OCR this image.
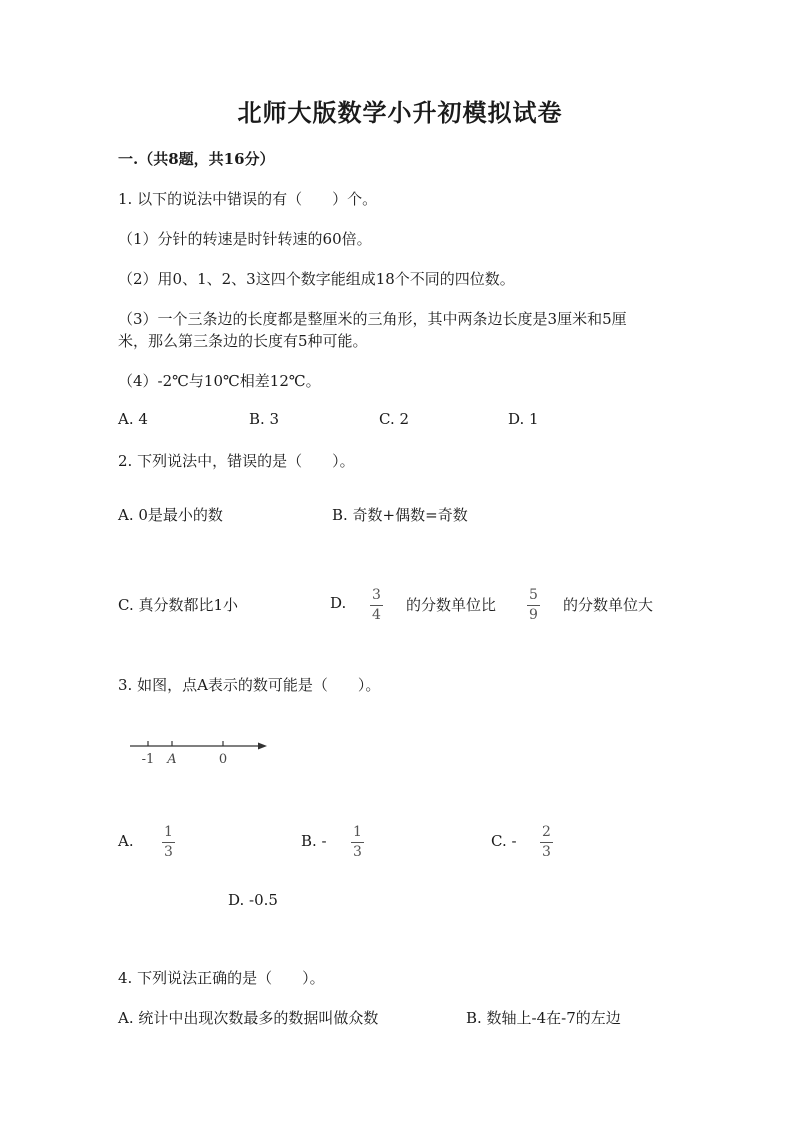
北师大版数学小升初模拟试卷
一.（共8题，共16分）
1. 以下的说法中错误的有（　　）个。
（1）分针的转速是时针转速的60倍。
（2）用0、1、2、3这四个数字能组成18个不同的四位数。
（3）一个三条边的长度都是整厘米的三角形，其中两条边长度是3厘米和5厘
米，那么第三条边的长度有5种可能。
（4）-2℃与10℃相差12℃。
A. 4	B. 3	C. 2	D. 1
2. 下列说法中，错误的是（　　）。
A. 0是最小的数	B. 奇数+偶数=奇数
C. 真分数都比1小	D. 3
4
的分数单位比
5
9
的分数单位大
3. 如图，点A表示的数可能是（　　）。
-1 A	0
A. 1
3
B. - 1
3
C. - 2
3
D. -0.5
4. 下列说法正确的是（　　）。
A. 统计中出现次数最多的数据叫做众数	B. 数轴上-4在-7的左边
